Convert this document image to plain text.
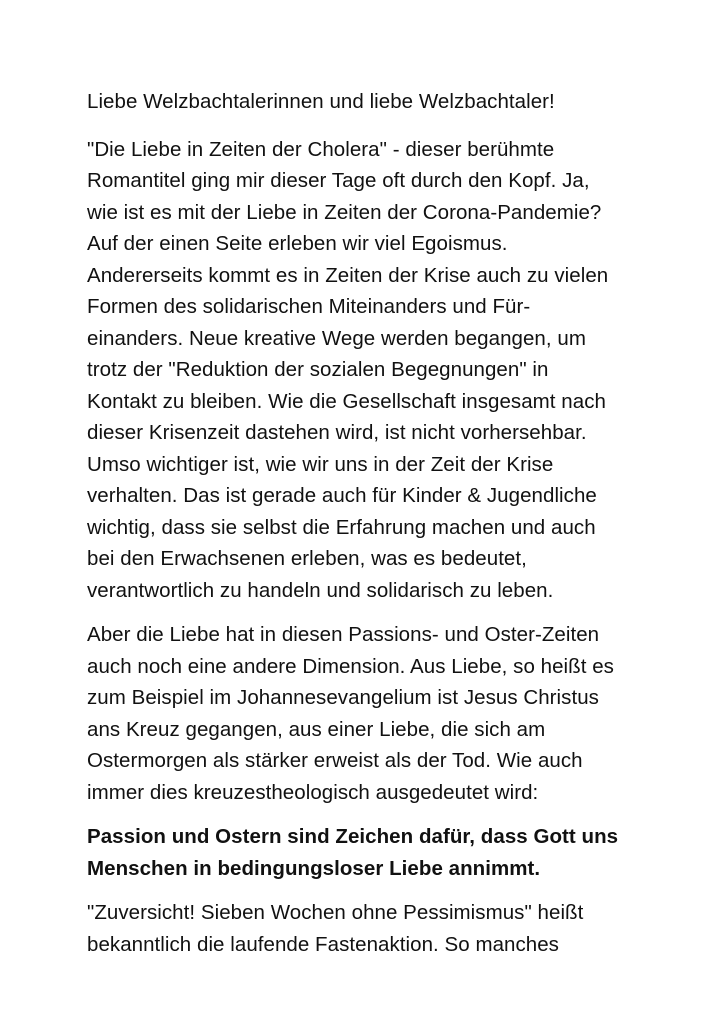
Liebe Welzbachtalerinnen und liebe Welzbachtaler!
"Die Liebe in Zeiten der Cholera" - dieser berühmte
Romantitel ging mir dieser Tage oft durch den Kopf. Ja,
wie ist es mit der Liebe in Zeiten der Corona-Pandemie?
Auf der einen Seite erleben wir viel Egoismus.
Andererseits kommt es in Zeiten der Krise auch zu vielen
Formen des solidarischen Miteinanders und Für-
einanders. Neue kreative Wege werden begangen, um
trotz der "Reduktion der sozialen Begegnungen" in
Kontakt zu bleiben. Wie die Gesellschaft insgesamt nach
dieser Krisenzeit dastehen wird, ist nicht vorhersehbar.
Umso wichtiger ist, wie wir uns in der Zeit der Krise
verhalten. Das ist gerade auch für Kinder & Jugendliche
wichtig, dass sie selbst die Erfahrung machen und auch
bei den Erwachsenen erleben, was es bedeutet,
verantwortlich zu handeln und solidarisch zu leben.
Aber die Liebe hat in diesen Passions- und Oster-Zeiten
auch noch eine andere Dimension. Aus Liebe, so heißt es
zum Beispiel im Johannesevangelium ist Jesus Christus
ans Kreuz gegangen, aus einer Liebe, die sich am
Ostermorgen als stärker erweist als der Tod. Wie auch
immer dies kreuzestheologisch ausgedeutet wird:
Passion und Ostern sind Zeichen dafür, dass Gott uns
Menschen in bedingungsloser Liebe annimmt.
"Zuversicht! Sieben Wochen ohne Pessimismus" heißt
bekanntlich die laufende Fastenaktion. So manches
